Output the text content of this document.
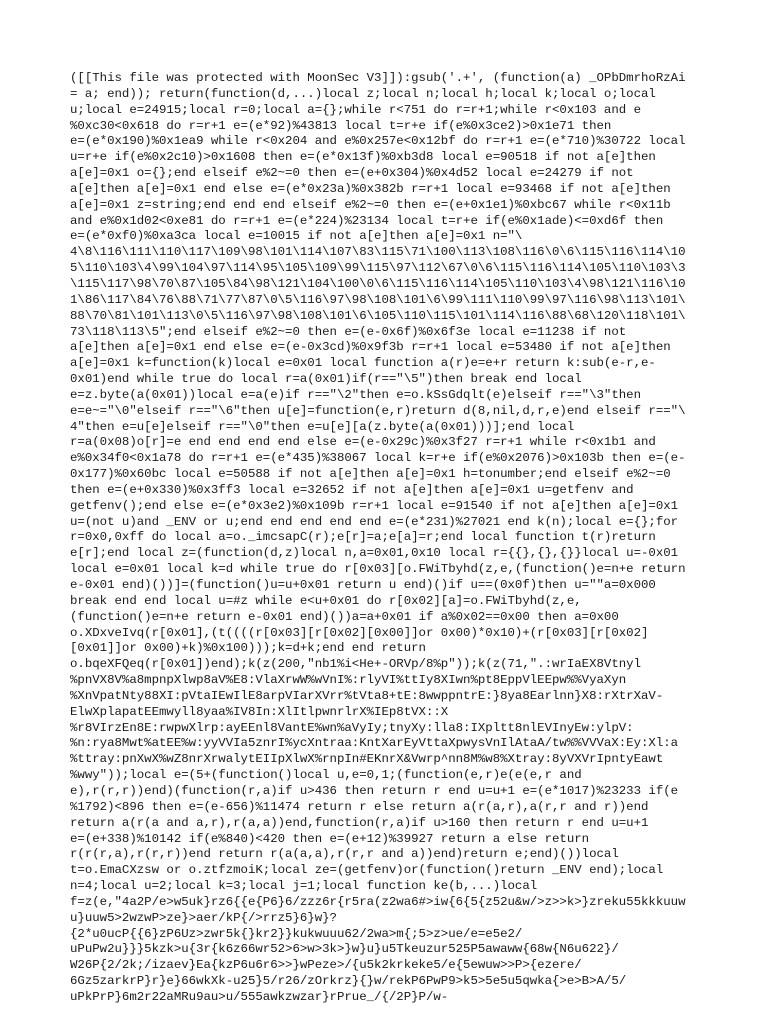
([[This file was protected with MoonSec V3]]):gsub('.+', (function(a) _OPbDmrhoRzAi
= a; end)); return(function(d,...)local z;local n;local h;local k;local o;local
u;local e=24915;local r=0;local a={};while r<751 do r=r+1;while r<0x103 and e
%0xc30<0x618 do r=r+1 e=(e*92)%43813 local t=r+e if(e%0x3ce2)>0x1e71 then
e=(e*0x190)%0x1ea9 while r<0x204 and e%0x257e<0x12bf do r=r+1 e=(e*710)%30722 local
u=r+e if(e%0x2c10)>0x1608 then e=(e*0x13f)%0xb3d8 local e=90518 if not a[e]then
a[e]=0x1 o={};end elseif e%2~=0 then e=(e+0x304)%0x4d52 local e=24279 if not
a[e]then a[e]=0x1 end else e=(e*0x23a)%0x382b r=r+1 local e=93468 if not a[e]then
a[e]=0x1 z=string;end end end elseif e%2~=0 then e=(e+0x1e1)%0xbc67 while r<0x11b
and e%0x1d02<0xe81 do r=r+1 e=(e*224)%23134 local t=r+e if(e%0x1ade)<=0xd6f then
e=(e*0xf0)%0xa3ca local e=10015 if not a[e]then a[e]=0x1 n="\
4\8\116\111\110\117\109\98\101\114\107\83\115\71\100\113\108\116\0\6\115\116\114\10
5\110\103\4\99\104\97\114\95\105\109\99\115\97\112\67\0\6\115\116\114\105\110\103\3
\115\117\98\70\87\105\84\98\121\104\100\0\6\115\116\114\105\110\103\4\98\121\116\10
1\86\117\84\76\88\71\77\87\0\5\116\97\98\108\101\6\99\111\110\99\97\116\98\113\101\
88\70\81\101\113\0\5\116\97\98\108\101\6\105\110\115\101\114\116\88\68\120\118\101\
73\118\113\5";end elseif e%2~=0 then e=(e-0x6f)%0x6f3e local e=11238 if not
a[e]then a[e]=0x1 end else e=(e-0x3cd)%0x9f3b r=r+1 local e=53480 if not a[e]then
a[e]=0x1 k=function(k)local e=0x01 local function a(r)e=e+r return k:sub(e-r,e-
0x01)end while true do local r=a(0x01)if(r=="\5")then break end local
e=z.byte(a(0x01))local e=a(e)if r=="\2"then e=o.kSsGdqlt(e)elseif r=="\3"then
e=e~="\0"elseif r=="\6"then u[e]=function(e,r)return d(8,nil,d,r,e)end elseif r=="\
4"then e=u[e]elseif r=="\0"then e=u[e][a(z.byte(a(0x01)))];end local
r=a(0x08)o[r]=e end end end end else e=(e-0x29c)%0x3f27 r=r+1 while r<0x1b1 and
e%0x34f0<0x1a78 do r=r+1 e=(e*435)%38067 local k=r+e if(e%0x2076)>0x103b then e=(e-
0x177)%0x60bc local e=50588 if not a[e]then a[e]=0x1 h=tonumber;end elseif e%2~=0
then e=(e+0x330)%0x3ff3 local e=32652 if not a[e]then a[e]=0x1 u=getfenv and
getfenv();end else e=(e*0x3e2)%0x109b r=r+1 local e=91540 if not a[e]then a[e]=0x1
u=(not u)and _ENV or u;end end end end end e=(e*231)%27021 end k(n);local e={};for
r=0x0,0xff do local a=o._imcsapC(r);e[r]=a;e[a]=r;end local function t(r)return
e[r];end local z=(function(d,z)local n,a=0x01,0x10 local r={{},{},{}}local u=-0x01
local e=0x01 local k=d while true do r[0x03][o.FWiTbyhd(z,e,(function()e=n+e return
e-0x01 end)())]=(function()u=u+0x01 return u end)()if u==(0x0f)then u=""a=0x000
break end end local u=#z while e<u+0x01 do r[0x02][a]=o.FWiTbyhd(z,e,
(function()e=n+e return e-0x01 end)())a=a+0x01 if a%0x02==0x00 then a=0x00
o.XDxveIvq(r[0x01],(t((((r[0x03][r[0x02][0x00]]or 0x00)*0x10)+(r[0x03][r[0x02]
[0x01]]or 0x00)+k)%0x100)));k=d+k;end end return
o.bqeXFQeq(r[0x01])end);k(z(200,"nb1%i<He+-ORVp/8%p"));k(z(71,".:wrIaEX8Vtnyl
%pnVX8V%a8mpnpXlwp8aV%E8:VlaXrwW%wVnI%:rlyVI%ttIy8XIwn%pt8EppVlEEpw%%VyaXyn
%XnVpatNty88XI:pVtaIEwIlE8arpVIarXVrr%tVta8+tE:8wwppntrE:}8ya8Earlnn}X8:rXtrXaV-
ElwXplapatEEmwyll8yaa%IV8In:XlItlpwnrlrX%IEp8tVX::X
%r8VIrzEn8E:rwpwXlrp:ayEEnl8VantE%wn%aVyIy;tnyXy:lla8:IXpltt8nlEVInyEw:ylpV:
%n:rya8Mwt%atEE%w:yyVVIa5znrI%ycXntraa:KntXarEyVttaXpwysVnIlAtaA/tw%%VVVaX:Ey:Xl:a
%ttray:pnXwX%wZ8nrXrwalytEIIpXlwX%rnpIn#EKnrX&Vwrp^nn8M%w8%Xtray:8yVXVrIpntyEawt
%wwy"));local e=(5+(function()local u,e=0,1;(function(e,r)e(e(e,r and
e),r(r,r))end)(function(r,a)if u>436 then return r end u=u+1 e=(e*1017)%23233 if(e
%1792)<896 then e=(e-656)%11474 return r else return a(r(a,r),a(r,r and r))end
return a(r(a and a,r),r(a,a))end,function(r,a)if u>160 then return r end u=u+1
e=(e+338)%10142 if(e%840)<420 then e=(e+12)%39927 return a else return
r(r(r,a),r(r,r))end return r(a(a,a),r(r,r and a))end)return e;end)())local
t=o.EmaCXzsw or o.ztfzmoiK;local ze=(getfenv)or(function()return _ENV end);local
n=4;local u=2;local k=3;local j=1;local function ke(b,...)local
f=z(e,"4a2P/e>w5uk}rz6{{e{P6}6/zzz6r{r5ra(z2wa6#>iw{6{5{z52u&w/>z>>k>}zreku55kkkuuw
u}uuw5>2wzwP>ze}>aer/kP{/>rrz5}6}w}?
{2*u0ucP{{6}zP6Uz>zwr5k{}kr2}}kukwuuu62/2wa>m{;5>z>ue/e=e5e2/
uPuPw2u}}}5kzk>u{3r{k6z66wr52>6>w>3k>}w}u}u5Tkeuzur525P5awaww{68w{N6u622}/
W26P{2/2k;/izaev}Ea{kzP6u6r6>>}wPeze>/{u5k2krkeke5/e{5ewuw>>P>{ezere/
6Gz5zarkrP}r}e}66wkXk-u25}5/r26/zOrkrz}{}w/rekP6PwP9>k5>5e5u5qwka{>e>B>A/5/
uPkPrP}6m2r22aMRu9au>u/555awkzwzar}rPrue_/{/2P}P/w-
